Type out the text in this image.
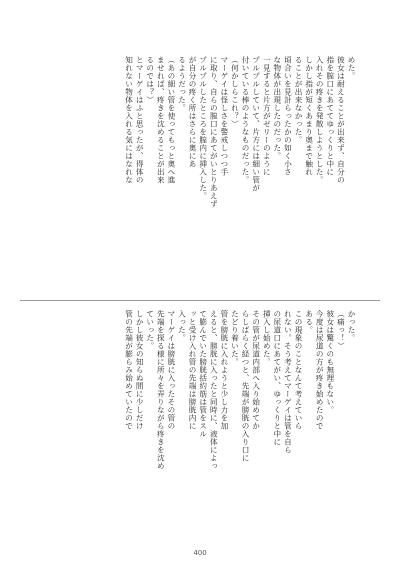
めた。
彼女は耐えることが出来ず、自分の
指を膣口にあててゆっくりと中に
入れその疼きを発散しようとした。
しかし指が短くあまり奥まで触れ
ることが出来なかった。
頃合いを見計らったかの如く小さ
な物体が出現したのだった。
一見すると片方がゼリーのように
プルプルしていて、片方には細い管が
付いている棒のようなものだった。
（何かしらこれ？）
マーゲイは怪しさを警戒しつつ手
に取り、自らの膣口にあてがいとりあえず
プルプルしたところを膣内に挿入した。
が自分の疼く所はさらに奥にあ
るようだった。
（あの細い管を使ってもっと奥へ進
ませれば、疼きを沈めることが出来
るのでは？）
とマーゲイはふと思ったが、得体の
知れない物体を入れる気にはなれな
かった。
（痛っ！）
彼女は驚くのも無理もない。
今度は尿道の方が疼き始めたので
ある。
この現象のことなんて考えていら
れない。そう考えてマーゲイは管を自ら
の尿道口にあてがい、ゆっくりと中に
挿入し始めた。
その管が尿道内部へ入り始めてか
らしばらく経つと、先端が膀胱の入り口に
たどり着いた。
管を膀胱に入れようと少し力を加
えると、膀胱に入ったと同時に、液体によっ
て膨んでいた膀胱括約筋は管をスル
ッと受け入れ管の先端は膀胱内に
入った。
マーゲイは膀胱に入ったその管の
先端を探る様に所々を弄りながら疼きを沈め
ていった。
しかし彼女の知らぬ間に少しだけ
管の先端が膨らみ始めていたので
400
